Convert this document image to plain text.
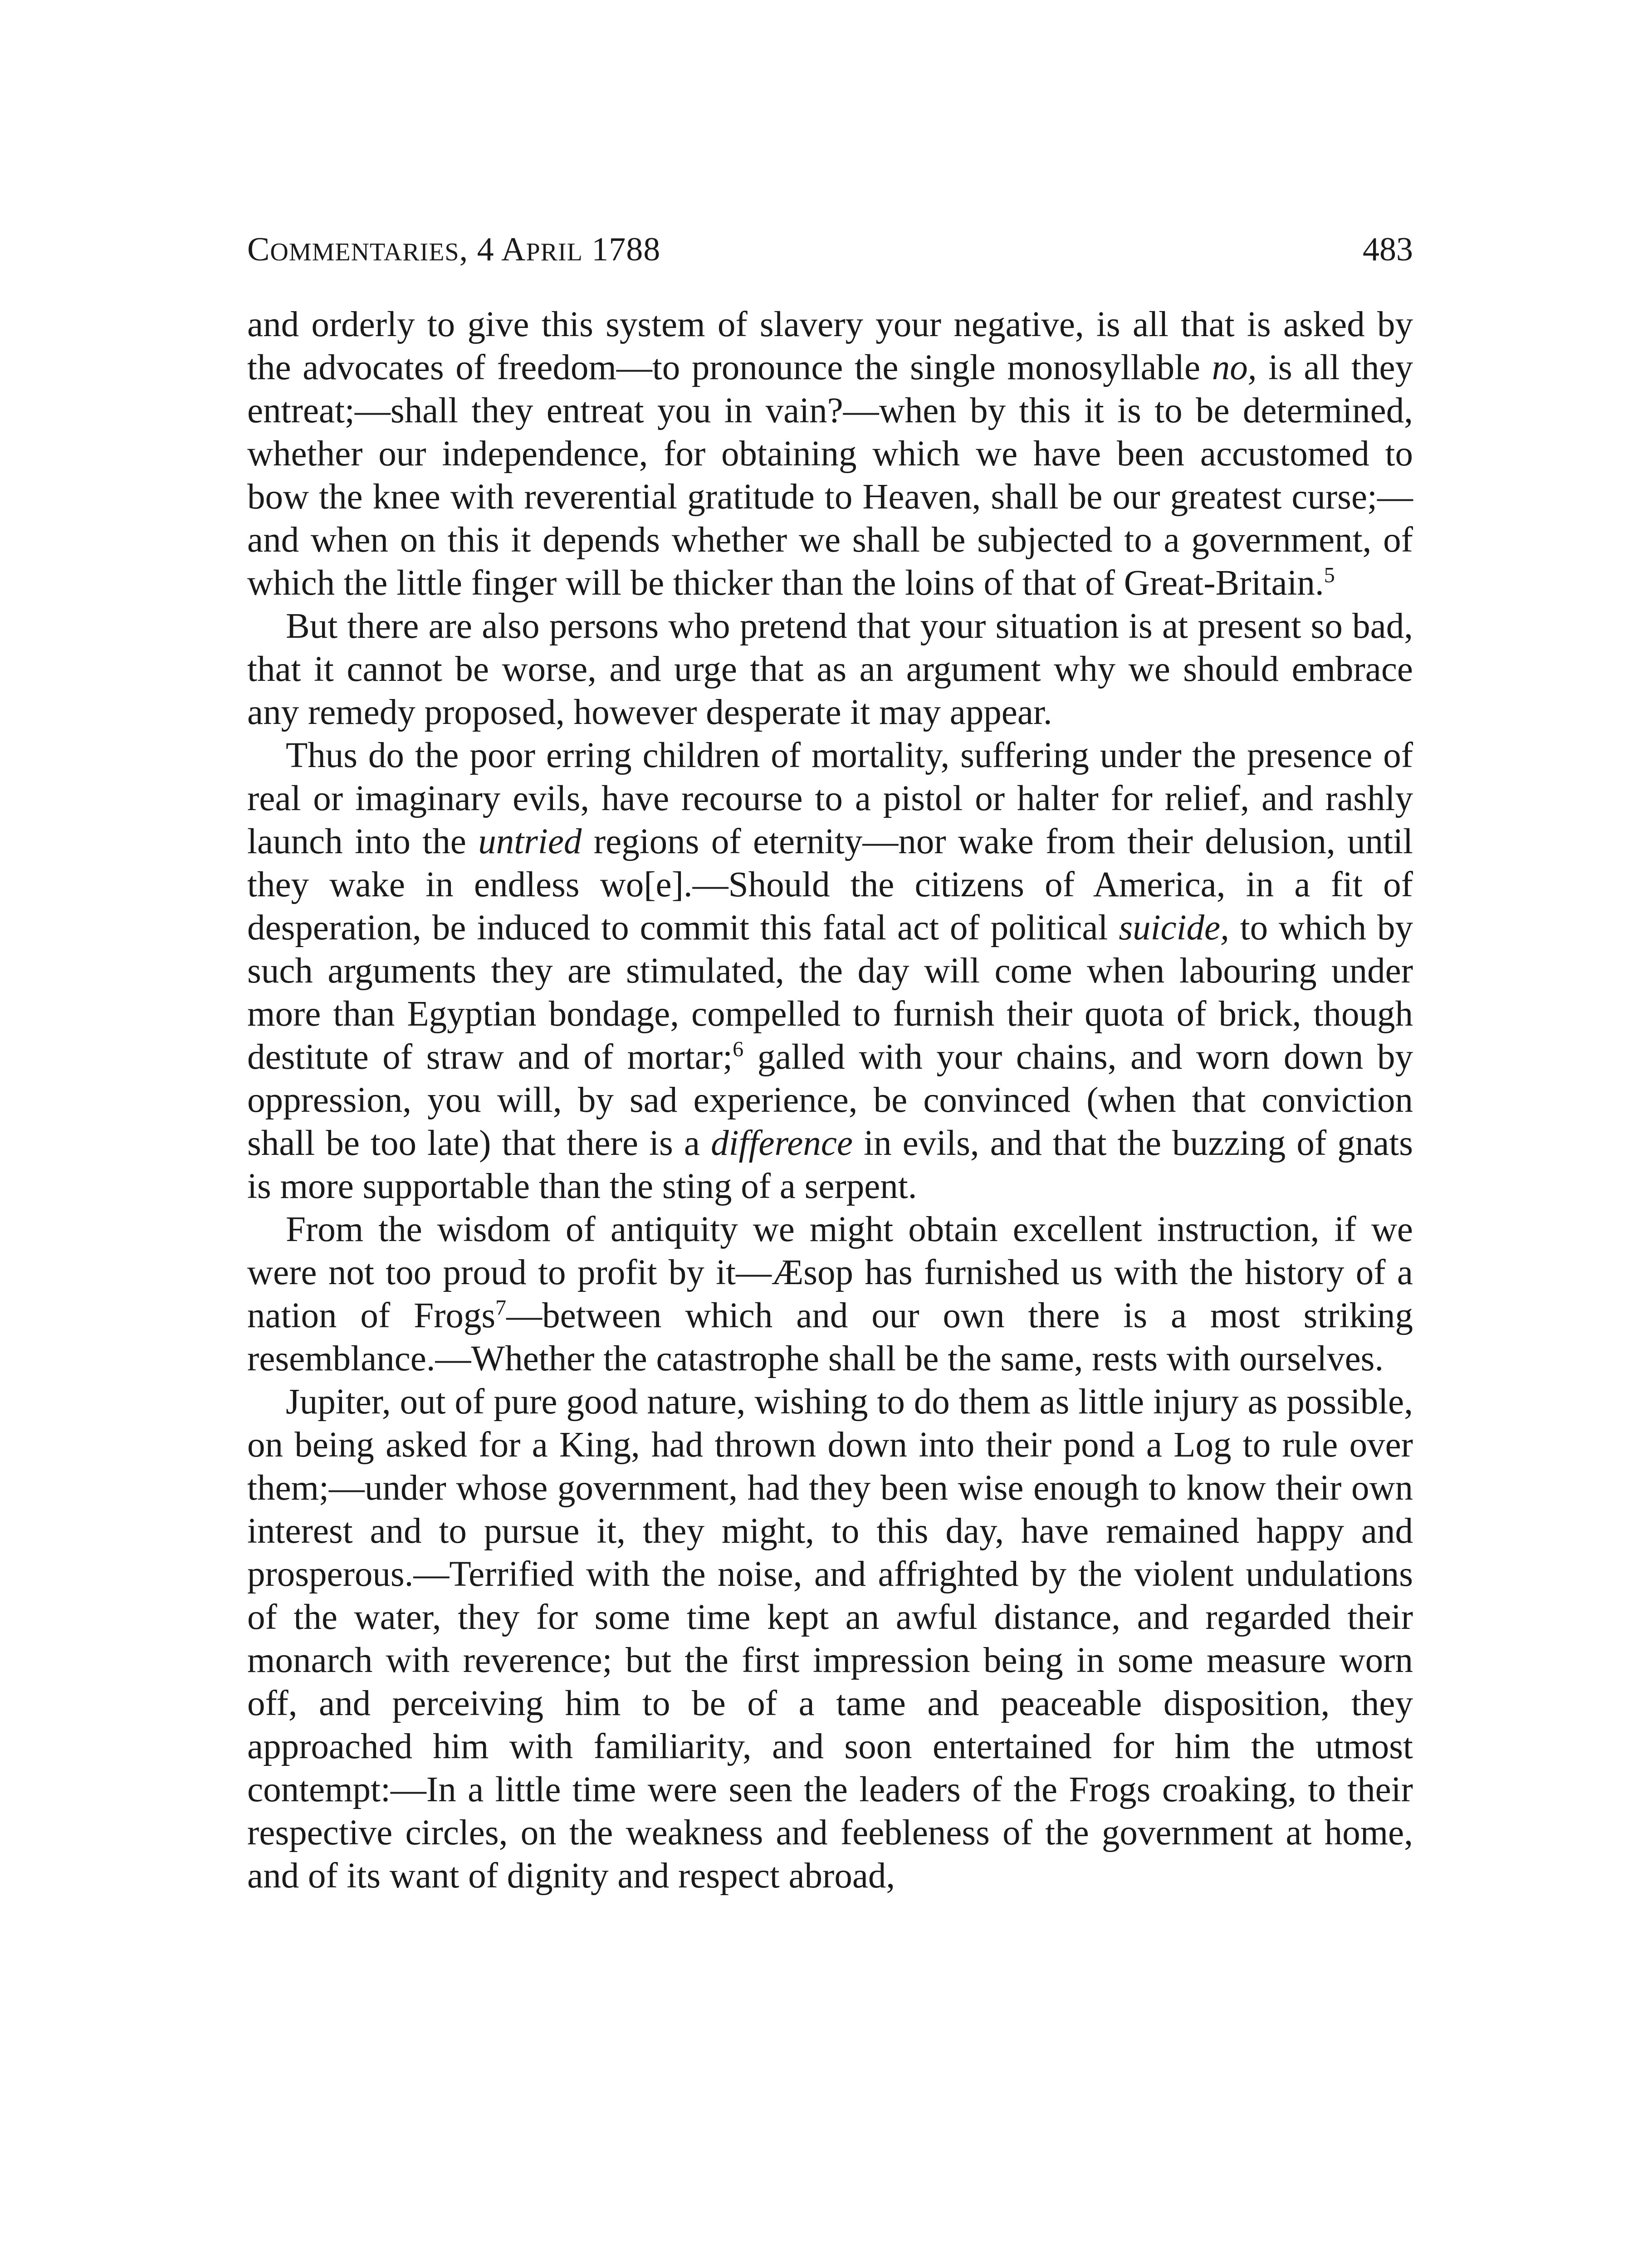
COMMENTARIES, 4 APRIL 1788	483

and orderly to give this system of slavery your negative, is all that is asked by the advocates of freedom—to pronounce the single monosyllable no, is all they entreat;—shall they entreat you in vain?—when by this it is to be determined, whether our independence, for obtaining which we have been accustomed to bow the knee with reverential gratitude to Heaven, shall be our greatest curse;—and when on this it depends whether we shall be subjected to a government, of which the little finger will be thicker than the loins of that of Great-Britain.$^5$

But there are also persons who pretend that your situation is at present so bad, that it cannot be worse, and urge that as an argument why we should embrace any remedy proposed, however desperate it may appear.

Thus do the poor erring children of mortality, suffering under the presence of real or imaginary evils, have recourse to a pistol or halter for relief, and rashly launch into the untried regions of eternity—nor wake from their delusion, until they wake in endless wo[e].—Should the citizens of America, in a fit of desperation, be induced to commit this fatal act of political suicide, to which by such arguments they are stimulated, the day will come when labouring under more than Egyptian bondage, compelled to furnish their quota of brick, though destitute of straw and of mortar;$^6$ galled with your chains, and worn down by oppression, you will, by sad experience, be convinced (when that conviction shall be too late) that there is a difference in evils, and that the buzzing of gnats is more supportable than the sting of a serpent.

From the wisdom of antiquity we might obtain excellent instruction, if we were not too proud to profit by it—Æsop has furnished us with the history of a nation of Frogs$^7$—between which and our own there is a most striking resemblance.—Whether the catastrophe shall be the same, rests with ourselves.

Jupiter, out of pure good nature, wishing to do them as little injury as possible, on being asked for a King, had thrown down into their pond a Log to rule over them;—under whose government, had they been wise enough to know their own interest and to pursue it, they might, to this day, have remained happy and prosperous.—Terrified with the noise, and affrighted by the violent undulations of the water, they for some time kept an awful distance, and regarded their monarch with reverence; but the first impression being in some measure worn off, and perceiving him to be of a tame and peaceable disposition, they approached him with familiarity, and soon entertained for him the utmost contempt:—In a little time were seen the leaders of the Frogs croaking, to their respective circles, on the weakness and feebleness of the government at home, and of its want of dignity and respect abroad,
